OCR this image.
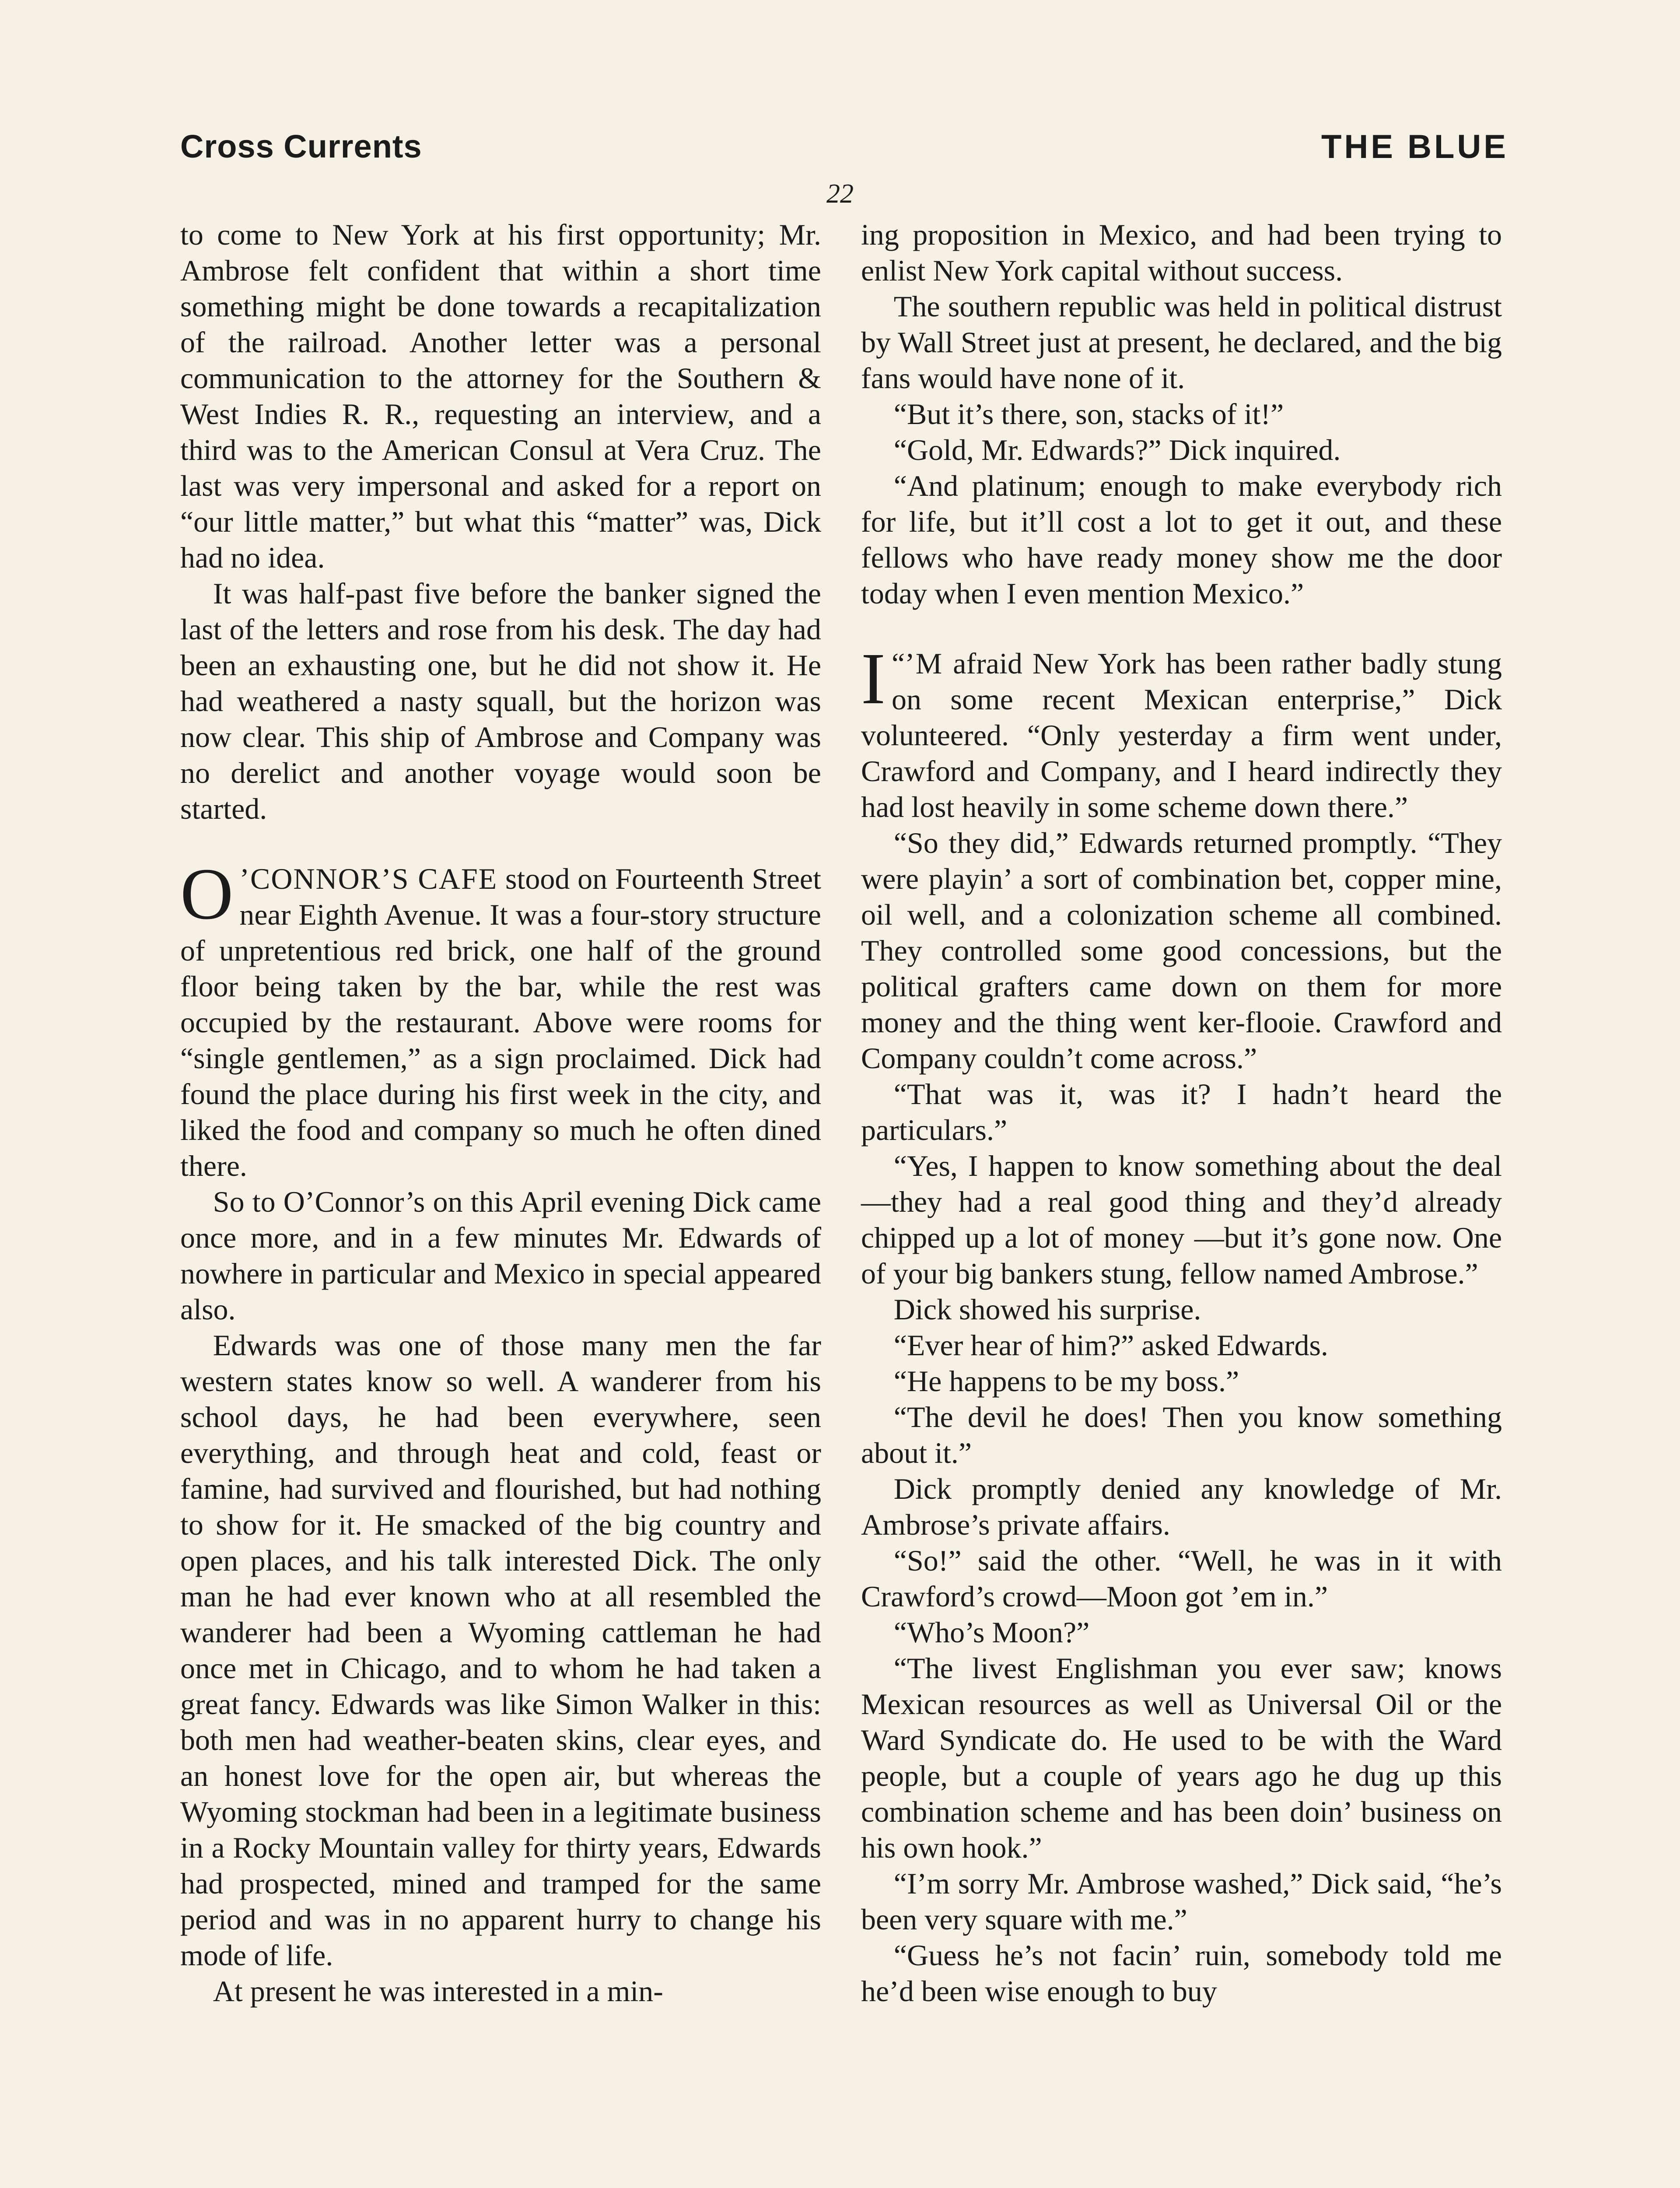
Cross Currents	THE BLUE
22

to come to New York at his first opportunity; Mr. Ambrose felt confident that within a short time something might be done towards a recapitalization of the railroad. Another letter was a personal communication to the attorney for the Southern & West Indies R. R., requesting an interview, and a third was to the American Consul at Vera Cruz. The last was very impersonal and asked for a report on “our little matter,” but what this “matter” was, Dick had no idea.

It was half-past five before the banker signed the last of the letters and rose from his desk. The day had been an exhausting one, but he did not show it. He had weathered a nasty squall, but the horizon was now clear. This ship of Ambrose and Company was no derelict and another voyage would soon be started.

O ’CONNOR’S CAFE stood on Fourteenth Street near Eighth Avenue. It was a four-story structure of unpretentious red brick, one half of the ground floor being taken by the bar, while the rest was occupied by the restaurant. Above were rooms for “single gentlemen,” as a sign proclaimed. Dick had found the place during his first week in the city, and liked the food and company so much he often dined there.

So to O’Connor’s on this April evening Dick came once more, and in a few minutes Mr. Edwards of nowhere in particular and Mexico in special appeared also.

Edwards was one of those many men the far western states know so well. A wanderer from his school days, he had been everywhere, seen everything, and through heat and cold, feast or famine, had survived and flourished, but had nothing to show for it. He smacked of the big country and open places, and his talk interested Dick. The only man he had ever known who at all resembled the wanderer had been a Wyoming cattleman he had once met in Chicago, and to whom he had taken a great fancy. Edwards was like Simon Walker in this: both men had weather-beaten skins, clear eyes, and an honest love for the open air, but whereas the Wyoming stockman had been in a legitimate business in a Rocky Mountain valley for thirty years, Edwards had prospected, mined and tramped for the same period and was in no apparent hurry to change his mode of life.

At present he was interested in a min-

ing proposition in Mexico, and had been trying to enlist New York capital without success.

The southern republic was held in political distrust by Wall Street just at present, he declared, and the big fans would have none of it.

“But it’s there, son, stacks of it!”

“Gold, Mr. Edwards?” Dick inquired.

“And platinum; enough to make everybody rich for life, but it’ll cost a lot to get it out, and these fellows who have ready money show me the door today when I even mention Mexico.”

“
I ’M afraid New York has been rather badly stung on some recent Mexican enterprise,” Dick volunteered. “Only yesterday a firm went under, Crawford and Company, and I heard indirectly they had lost heavily in some scheme down there.”

“So they did,” Edwards returned promptly. “They were playin’ a sort of combination bet, copper mine, oil well, and a colonization scheme all combined. They controlled some good concessions, but the political grafters came down on them for more money and the thing went ker-flooie. Crawford and Company couldn’t come across.”

“That was it, was it? I hadn’t heard the particulars.”

“Yes, I happen to know something about the deal—they had a real good thing and they’d already chipped up a lot of money —but it’s gone now. One of your big bankers stung, fellow named Ambrose.”

Dick showed his surprise.

“Ever hear of him?” asked Edwards.

“He happens to be my boss.”

“The devil he does! Then you know something about it.”

Dick promptly denied any knowledge of Mr. Ambrose’s private affairs.

“So!” said the other. “Well, he was in it with Crawford’s crowd—Moon got ’em in.”

“Who’s Moon?”

“The livest Englishman you ever saw; knows Mexican resources as well as Universal Oil or the Ward Syndicate do. He used to be with the Ward people, but a couple of years ago he dug up this combination scheme and has been doin’ business on his own hook.”

“I’m sorry Mr. Ambrose washed,” Dick said, “he’s been very square with me.”

“Guess he’s not facin’ ruin, somebody told me he’d been wise enough to buy
